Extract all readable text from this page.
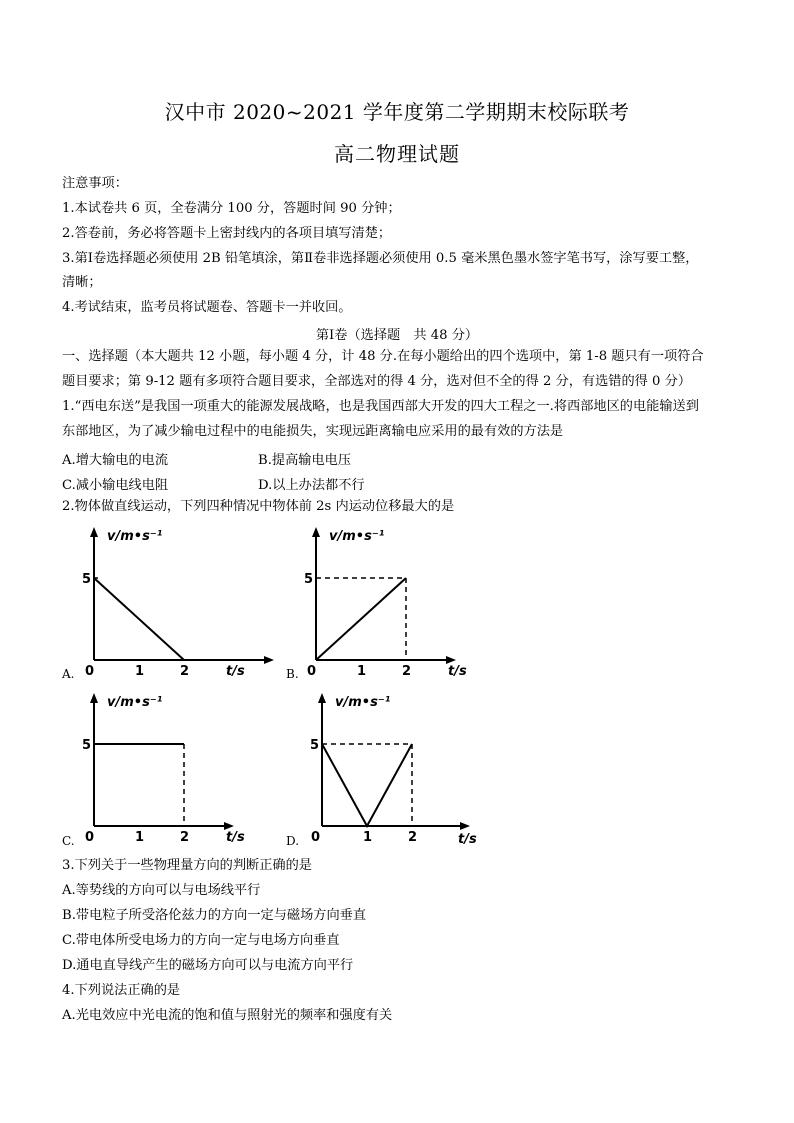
汉中市 2020~2021 学年度第二学期期末校际联考
高二物理试题
注意事项：
1.本试卷共 6 页，全卷满分 100 分，答题时间 90 分钟；
2.答卷前，务必将答题卡上密封线内的各项目填写清楚；
3.第Ⅰ卷选择题必须使用 2B 铅笔填涂，第Ⅱ卷非选择题必须使用 0.5 毫米黑色墨水签字笔书写，涂写要工整，
清晰；
4.考试结束，监考员将试题卷、答题卡一并收回。
第Ⅰ卷（选择题　共 48 分）
一、选择题（本大题共 12 小题，每小题 4 分，计 48 分.在每小题给出的四个选项中，第 1-8 题只有一项符合
题目要求；第 9-12 题有多项符合题目要求，全部选对的得 4 分，选对但不全的得 2 分，有选错的得 0 分）
1.“西电东送”是我国一项重大的能源发展战略，也是我国西部大开发的四大工程之一.将西部地区的电能输送到
东部地区，为了减少输电过程中的电能损失，实现远距离输电应采用的最有效的方法是
A.增大输电的电流	B.提高输电电压
C.减小输电线电阻	D.以上办法都不行
2.物体做直线运动，下列四种情况中物体前 2s 内运动位移最大的是
5
0	1	2
v/m•s⁻¹
t/s
A.
5
0	1	2
v/m•s⁻¹
t/s
B.
5
0	1	2
v/m•s⁻¹
t/s
C.
5
0	1	2
v/m•s⁻¹
t/s
D.
3.下列关于一些物理量方向的判断正确的是
A.等势线的方向可以与电场线平行
B.带电粒子所受洛伦兹力的方向一定与磁场方向垂直
C.带电体所受电场力的方向一定与电场方向垂直
D.通电直导线产生的磁场方向可以与电流方向平行
4.下列说法正确的是
A.光电效应中光电流的饱和值与照射光的频率和强度有关
